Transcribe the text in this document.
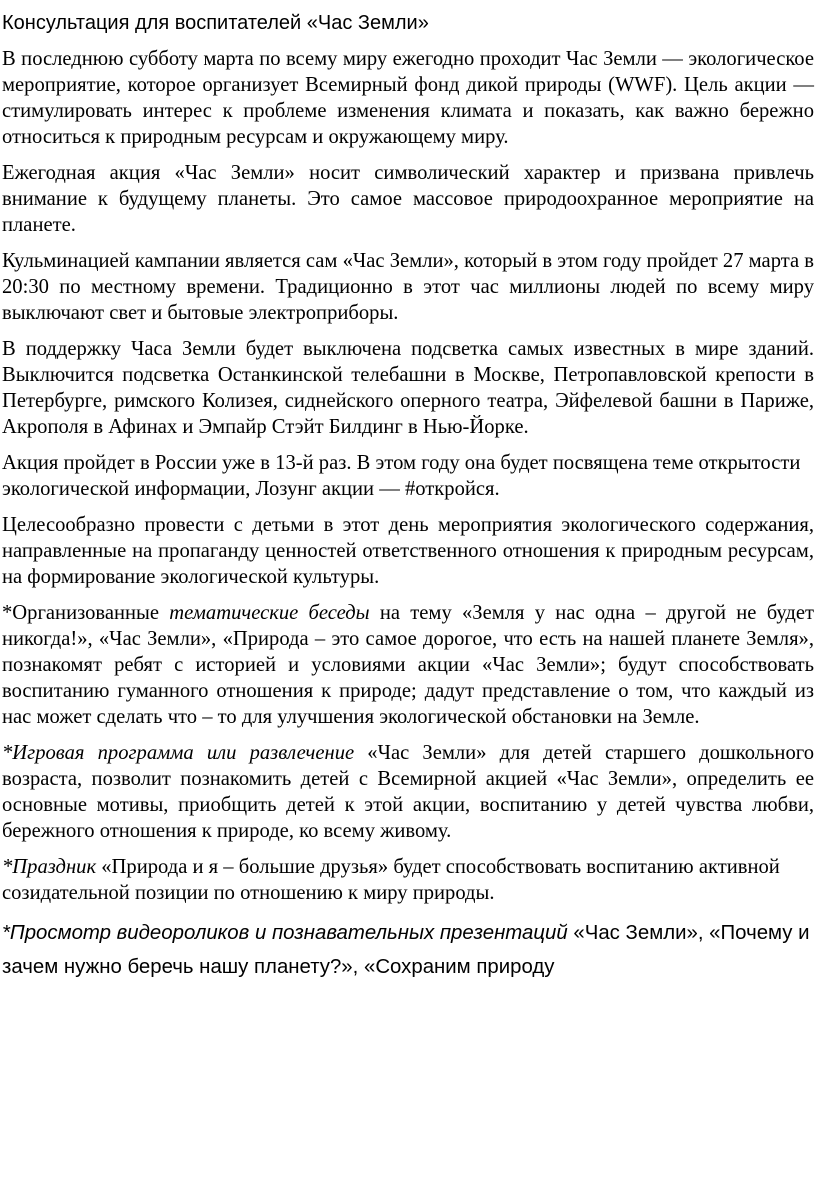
Консультация для воспитателей «Час Земли»

В последнюю субботу марта по всему миру ежегодно проходит Час Земли — экологическое мероприятие, которое организует Всемирный фонд дикой природы (WWF). Цель акции — стимулировать интерес к проблеме изменения климата и показать, как важно бережно относиться к природным ресурсам и окружающему миру.

Ежегодная акция «Час Земли» носит символический характер и призвана привлечь внимание к будущему планеты. Это самое массовое природоохранное мероприятие на планете.

Кульминацией кампании является сам «Час Земли», который в этом году пройдет 27 марта в 20:30 по местному времени. Традиционно в этот час миллионы людей по всему миру выключают свет и бытовые электроприборы.

В поддержку Часа Земли будет выключена подсветка самых известных в мире зданий. Выключится подсветка Останкинской телебашни в Москве, Петропавловской крепости в Петербурге, римского Колизея, сиднейского оперного театра, Эйфелевой башни в Париже, Акрополя в Афинах и Эмпайр Стэйт Билдинг в Нью-Йорке.

Акция пройдет в России уже в 13-й раз. В этом году она будет посвящена теме открытости экологической информации, Лозунг акции — #откройся.

Целесообразно провести с детьми в этот день мероприятия экологического содержания, направленные на пропаганду ценностей ответственного отношения к природным ресурсам, на формирование экологической культуры.

*Организованные тематические беседы на тему «Земля у нас одна – другой не будет никогда!», «Час Земли», «Природа – это самое дорогое, что есть на нашей планете Земля», познакомят ребят с историей и условиями акции «Час Земли»; будут способствовать воспитанию гуманного отношения к природе; дадут представление о том, что каждый из нас может сделать что – то для улучшения экологической обстановки на Земле.

*Игровая программа или развлечение «Час Земли» для детей старшего дошкольного возраста, позволит познакомить детей с Всемирной акцией «Час Земли», определить ее основные мотивы, приобщить детей к этой акции, воспитанию у детей чувства любви, бережного отношения к природе, ко всему живому.

*Праздник «Природа и я – большие друзья» будет способствовать воспитанию активной созидательной позиции по отношению к миру природы.

*Просмотр видеороликов и познавательных презентаций «Час Земли», «Почему и зачем нужно беречь нашу планету?», «Сохраним природу
